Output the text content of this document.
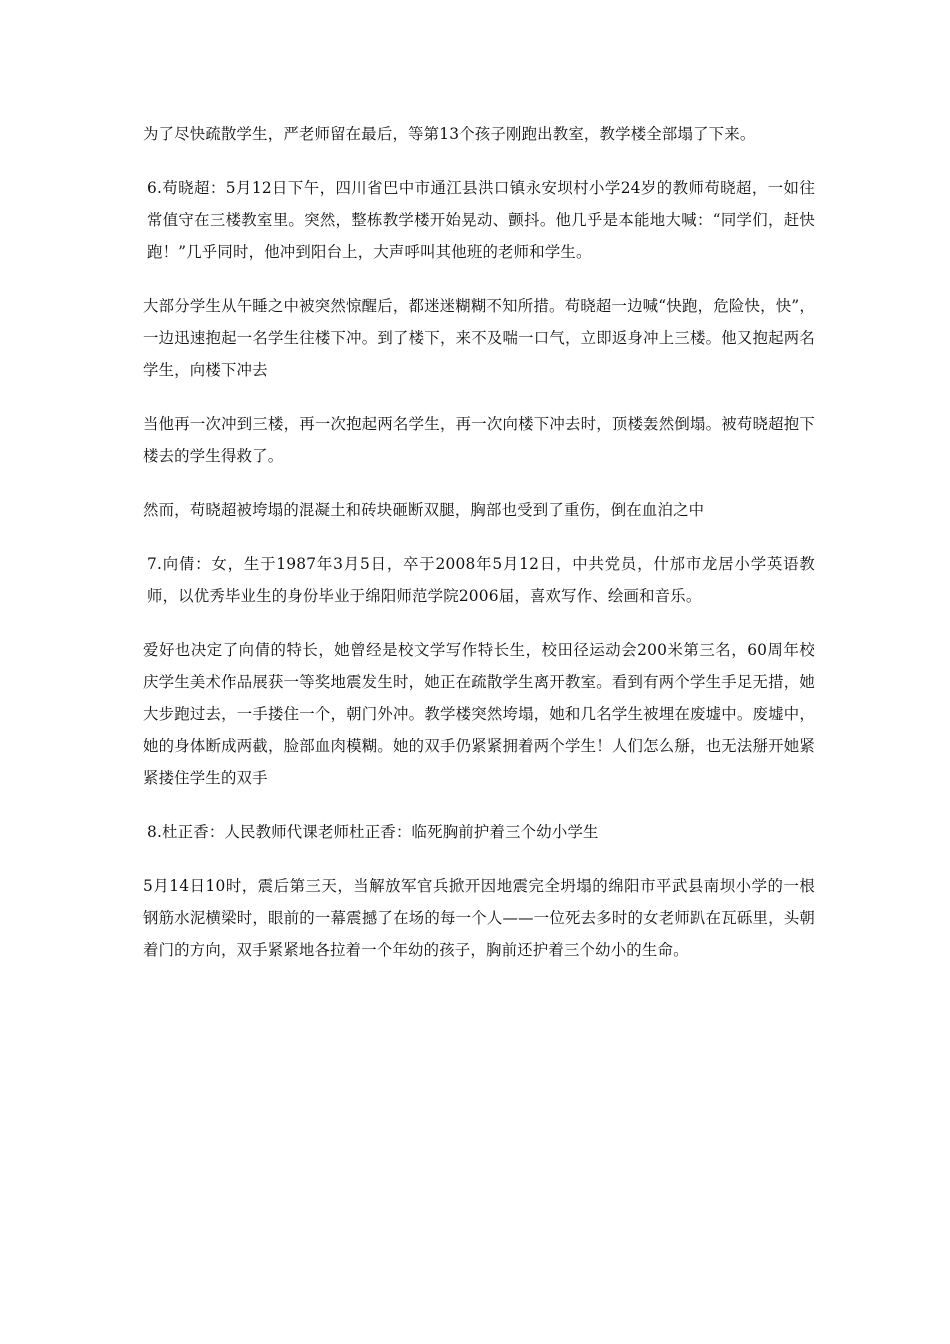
为了尽快疏散学生，严老师留在最后，等第13个孩子刚跑出教室，教学楼全部塌了下来。

6.苟晓超：5月12日下午，四川省巴中市通江县洪口镇永安坝村小学24岁的教师苟晓超，一如往常值守在三楼教室里。突然，整栋教学楼开始晃动、颤抖。他几乎是本能地大喊：“同学们，赶快跑！”几乎同时，他冲到阳台上，大声呼叫其他班的老师和学生。

大部分学生从午睡之中被突然惊醒后，都迷迷糊糊不知所措。苟晓超一边喊“快跑，危险快，快”，一边迅速抱起一名学生往楼下冲。到了楼下，来不及喘一口气，立即返身冲上三楼。他又抱起两名学生，向楼下冲去

当他再一次冲到三楼，再一次抱起两名学生，再一次向楼下冲去时，顶楼轰然倒塌。被苟晓超抱下楼去的学生得救了。

然而，苟晓超被垮塌的混凝土和砖块砸断双腿，胸部也受到了重伤，倒在血泊之中

7.向倩：女，生于1987年3月5日，卒于2008年5月12日，中共党员，什邡市龙居小学英语教师，以优秀毕业生的身份毕业于绵阳师范学院2006届，喜欢写作、绘画和音乐。

爱好也决定了向倩的特长，她曾经是校文学写作特长生，校田径运动会200米第三名，60周年校庆学生美术作品展获一等奖地震发生时，她正在疏散学生离开教室。看到有两个学生手足无措，她大步跑过去，一手搂住一个，朝门外冲。教学楼突然垮塌，她和几名学生被埋在废墟中。废墟中，她的身体断成两截，脸部血肉模糊。她的双手仍紧紧拥着两个学生！人们怎么掰，也无法掰开她紧紧搂住学生的双手

8.杜正香：人民教师代课老师杜正香：临死胸前护着三个幼小学生

5月14日10时，震后第三天，当解放军官兵掀开因地震完全坍塌的绵阳市平武县南坝小学的一根钢筋水泥横梁时，眼前的一幕震撼了在场的每一个人——一位死去多时的女老师趴在瓦砾里，头朝着门的方向，双手紧紧地各拉着一个年幼的孩子，胸前还护着三个幼小的生命。
